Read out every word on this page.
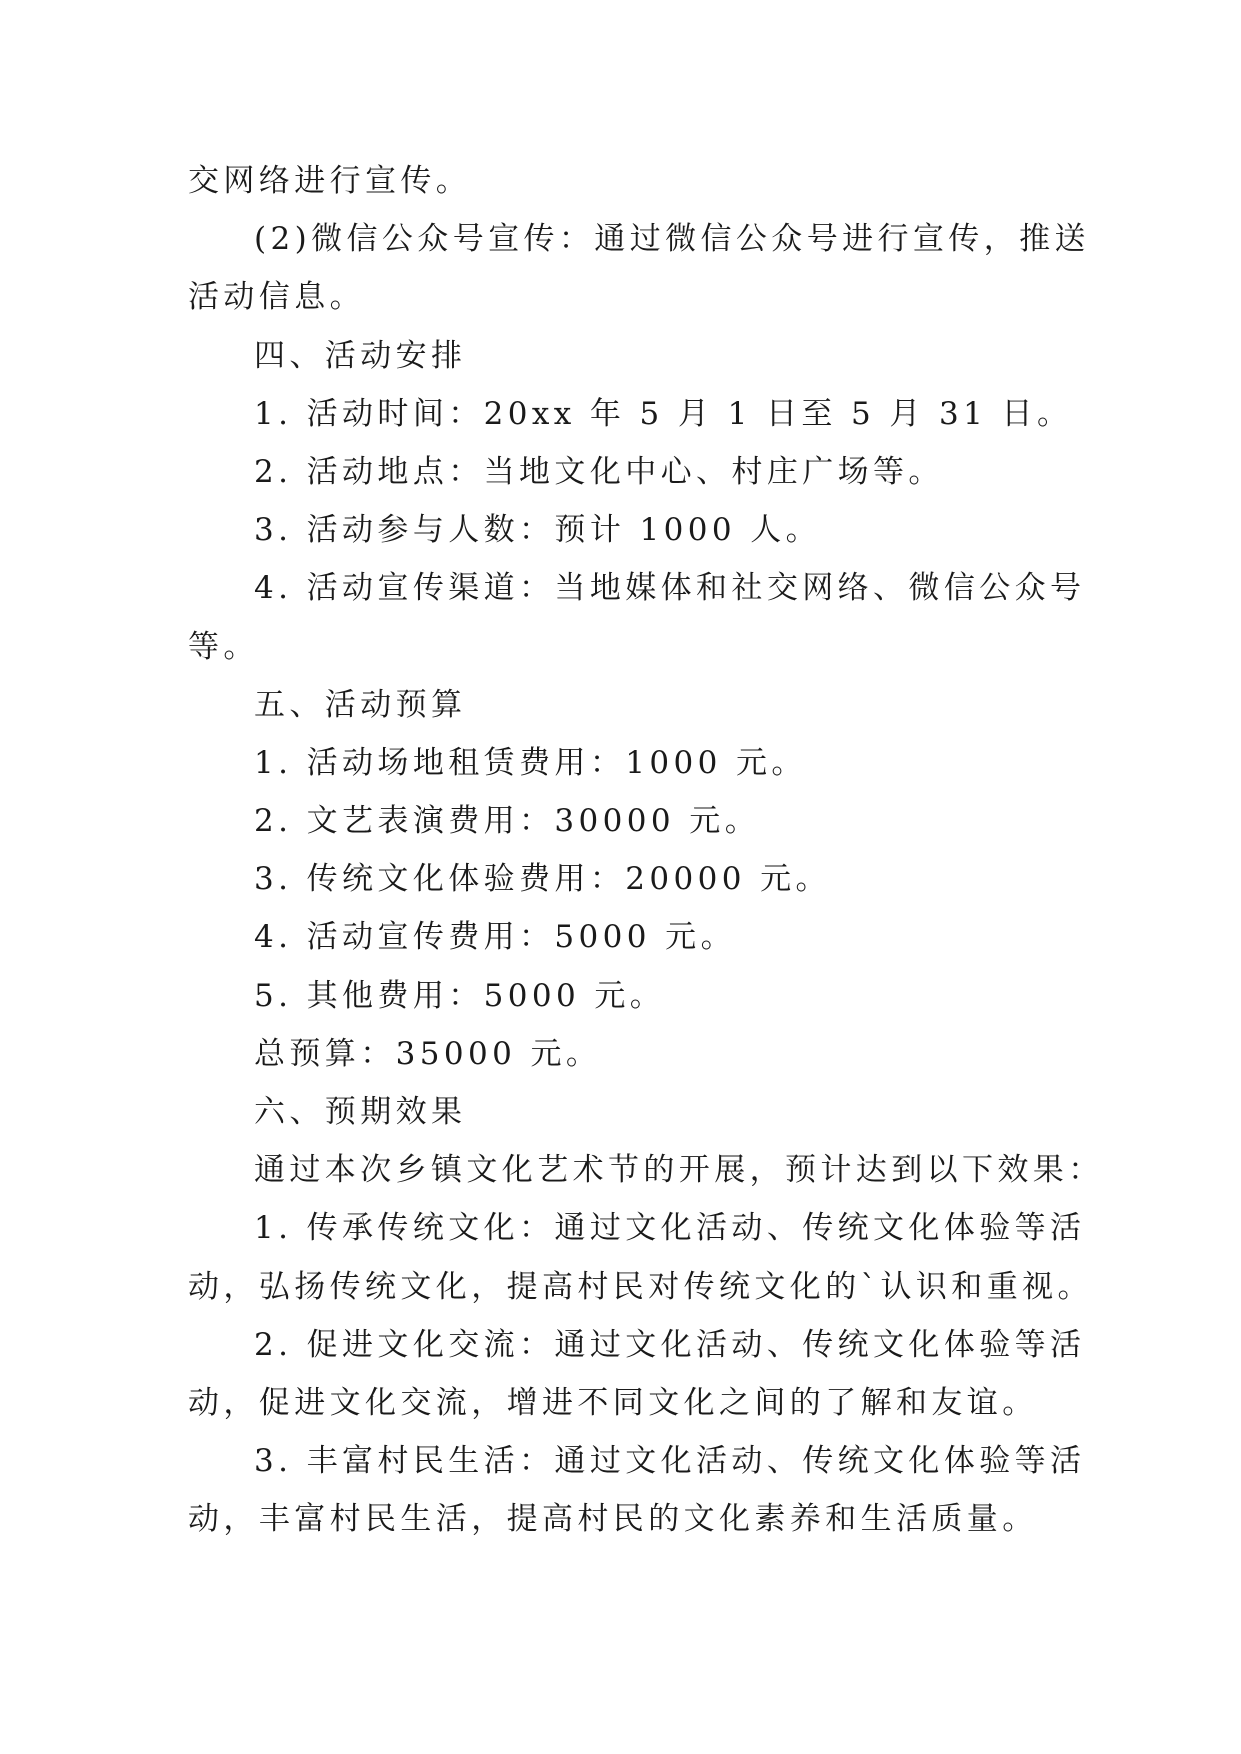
交网络进行宣传。
(2)微信公众号宣传：通过微信公众号进行宣传，推送
活动信息。
四、活动安排
1. 活动时间：20xx 年 5 月 1 日至 5 月 31 日。
2. 活动地点：当地文化中心、村庄广场等。
3. 活动参与人数：预计 1000 人。
4. 活动宣传渠道：当地媒体和社交网络、微信公众号
等。
五、活动预算
1. 活动场地租赁费用：1000 元。
2. 文艺表演费用：30000 元。
3. 传统文化体验费用：20000 元。
4. 活动宣传费用：5000 元。
5. 其他费用：5000 元。
总预算：35000 元。
六、预期效果
通过本次乡镇文化艺术节的开展，预计达到以下效果：
1. 传承传统文化：通过文化活动、传统文化体验等活
动，弘扬传统文化，提高村民对传统文化的`认识和重视。
2. 促进文化交流：通过文化活动、传统文化体验等活
动，促进文化交流，增进不同文化之间的了解和友谊。
3. 丰富村民生活：通过文化活动、传统文化体验等活
动，丰富村民生活，提高村民的文化素养和生活质量。
